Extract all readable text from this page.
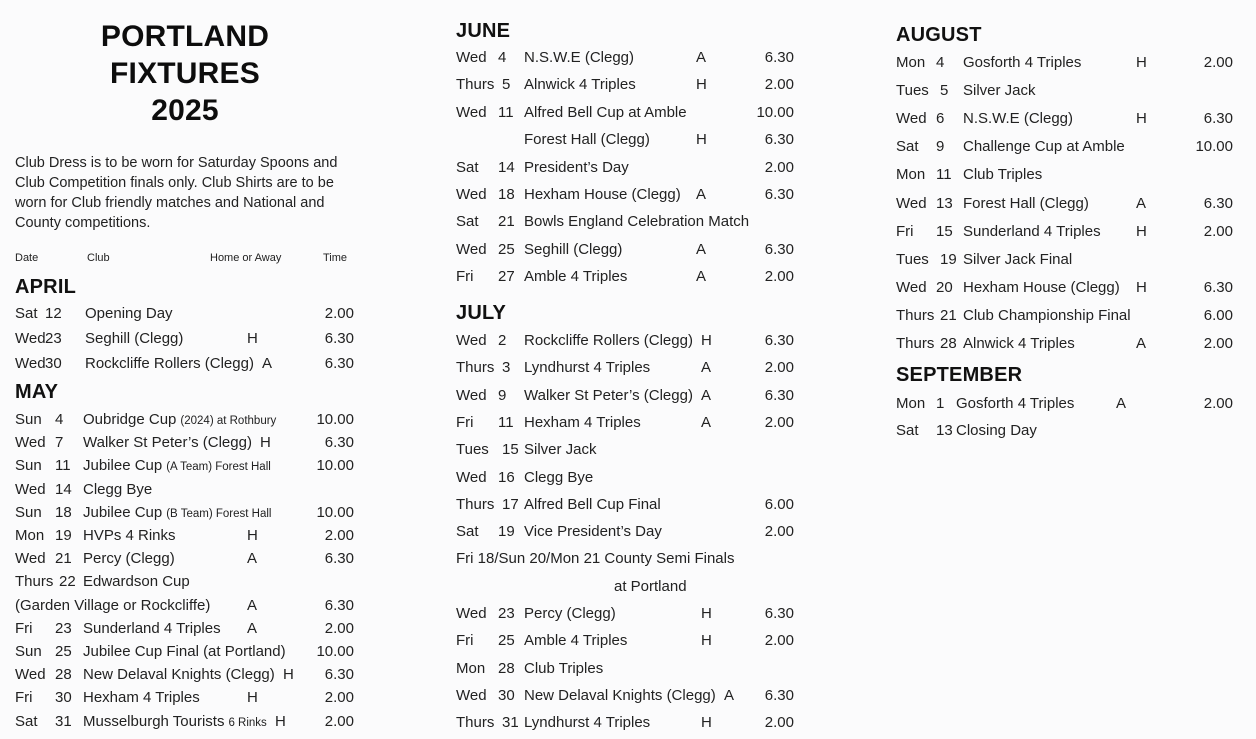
PORTLAND
FIXTURES
2025
Club Dress is to be worn for Saturday Spoons and Club Competition finals only. Club Shirts are to be worn for Club friendly matches and National and County competitions.
Date	Club	Home or Away	Time
APRIL
Sat 12 Opening Day	2.00
Wed 23 Seghill (Clegg)	H	6.30
Wed 30 Rockcliffe Rollers (Clegg) A	6.30
MAY
Sun 4 Oubridge Cup (2024) at Rothbury	10.00
Wed 7 Walker St Peter’s (Clegg) H	6.30
Sun 11 Jubilee Cup (A Team) Forest Hall	10.00
Wed 14 Clegg Bye
Sun 18 Jubilee Cup (B Team) Forest Hall	10.00
Mon 19 HVPs 4 Rinks	H	2.00
Wed 21 Percy (Clegg)	A	6.30
Thurs 22 Edwardson Cup
(Garden Village or Rockcliffe) A	6.30
Fri 23 Sunderland 4 Triples A	2.00
Sun 25 Jubilee Cup Final (at Portland) 10.00
Wed 28 New Delaval Knights (Clegg) H 6.30
Fri 30 Hexham 4 Triples	H	2.00
Sat 31 Musselburgh Tourists 6 Rinks H	2.00
JUNE
Wed 4 N.S.W.E (Clegg)	A	6.30
Thurs 5 Alnwick 4 Triples	H	2.00
Wed 11 Alfred Bell Cup at Amble	10.00
Forest Hall (Clegg)	H	6.30
Sat 14 President’s Day	2.00
Wed 18 Hexham House (Clegg) A	6.30
Sat 21 Bowls England Celebration Match
Wed 25 Seghill (Clegg)	A	6.30
Fri 27 Amble 4 Triples	A	2.00
JULY
Wed 2 Rockcliffe Rollers (Clegg) H	6.30
Thurs 3 Lyndhurst 4 Triples	A	2.00
Wed 9 Walker St Peter’s (Clegg) A	6.30
Fri 11 Hexham 4 Triples	A	2.00
Tues 15 Silver Jack
Wed 16 Clegg Bye
Thurs 17 Alfred Bell Cup Final	6.00
Sat 19 Vice President’s Day	2.00
Fri 18/Sun 20/Mon 21 County Semi Finals
at Portland
Wed 23 Percy (Clegg)	H	6.30
Fri 25 Amble 4 Triples	H	2.00
Mon 28 Club Triples
Wed 30 New Delaval Knights (Clegg) A 6.30
Thurs 31 Lyndhurst 4 Triples	H	2.00
AUGUST
Mon 4 Gosforth 4 Triples	H	2.00
Tues 5 Silver Jack
Wed 6 N.S.W.E (Clegg)	H	6.30
Sat 9 Challenge Cup at Amble	10.00
Mon 11 Club Triples
Wed 13 Forest Hall (Clegg)	A	6.30
Fri 15 Sunderland 4 Triples H	2.00
Tues 19 Silver Jack Final
Wed 20 Hexham House (Clegg) H	6.30
Thurs 21 Club Championship Final	6.00
Thurs 28 Alnwick 4 Triples	A	2.00
SEPTEMBER
Mon 1 Gosforth 4 Triples	A	2.00
Sat 13 Closing Day
